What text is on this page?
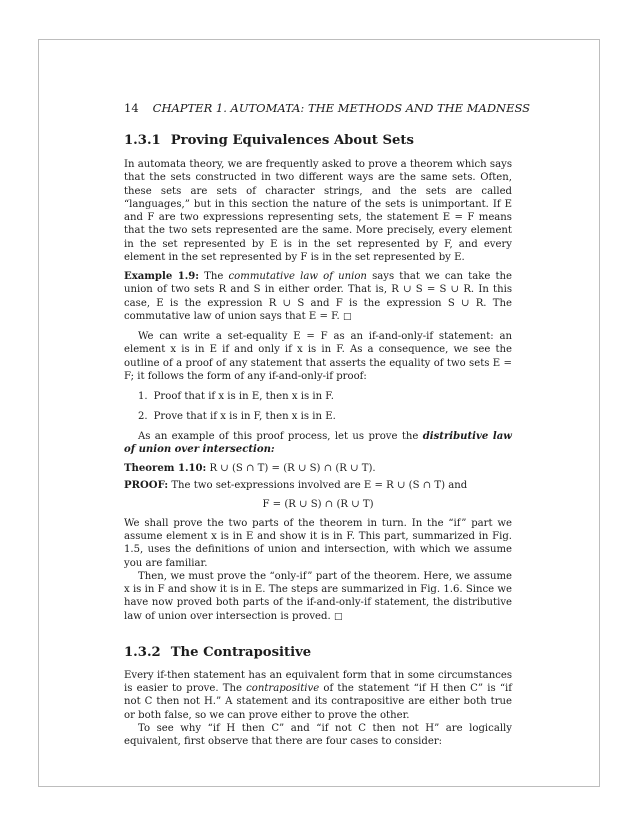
14 CHAPTER 1. AUTOMATA: THE METHODS AND THE MADNESS
1.3.1 Proving Equivalences About Sets

In automata theory, we are frequently asked to prove a theorem which says that the sets constructed in two different ways are the same sets. Often, these sets are sets of character strings, and the sets are called “languages,” but in this section the nature of the sets is unimportant. If E and F are two expressions representing sets, the statement E = F means that the two sets represented are the same. More precisely, every element in the set represented by E is in the set represented by F, and every element in the set represented by F is in the set represented by E.

Example 1.9: The commutative law of union says that we can take the union of two sets R and S in either order. That is, R ∪ S = S ∪ R. In this case, E is the expression R ∪ S and F is the expression S ∪ R. The commutative law of union says that E = F. □

We can write a set-equality E = F as an if-and-only-if statement: an element x is in E if and only if x is in F. As a consequence, we see the outline of a proof of any statement that asserts the equality of two sets E = F; it follows the form of any if-and-only-if proof:

1. Proof that if x is in E, then x is in F.
2. Prove that if x is in F, then x is in E.

As an example of this proof process, let us prove the distributive law of union over intersection:

Theorem 1.10: R ∪ (S ∩ T) = (R ∪ S) ∩ (R ∪ T).

PROOF: The two set-expressions involved are E = R ∪ (S ∩ T) and

F = (R ∪ S) ∩ (R ∪ T)

We shall prove the two parts of the theorem in turn. In the “if” part we assume element x is in E and show it is in F. This part, summarized in Fig. 1.5, uses the definitions of union and intersection, with which we assume you are familiar.

Then, we must prove the “only-if” part of the theorem. Here, we assume x is in F and show it is in E. The steps are summarized in Fig. 1.6. Since we have now proved both parts of the if-and-only-if statement, the distributive law of union over intersection is proved. □

1.3.2 The Contrapositive

Every if-then statement has an equivalent form that in some circumstances is easier to prove. The contrapositive of the statement “if H then C” is “if not C then not H.” A statement and its contrapositive are either both true or both false, so we can prove either to prove the other.

To see why “if H then C” and “if not C then not H” are logically equivalent, first observe that there are four cases to consider:
